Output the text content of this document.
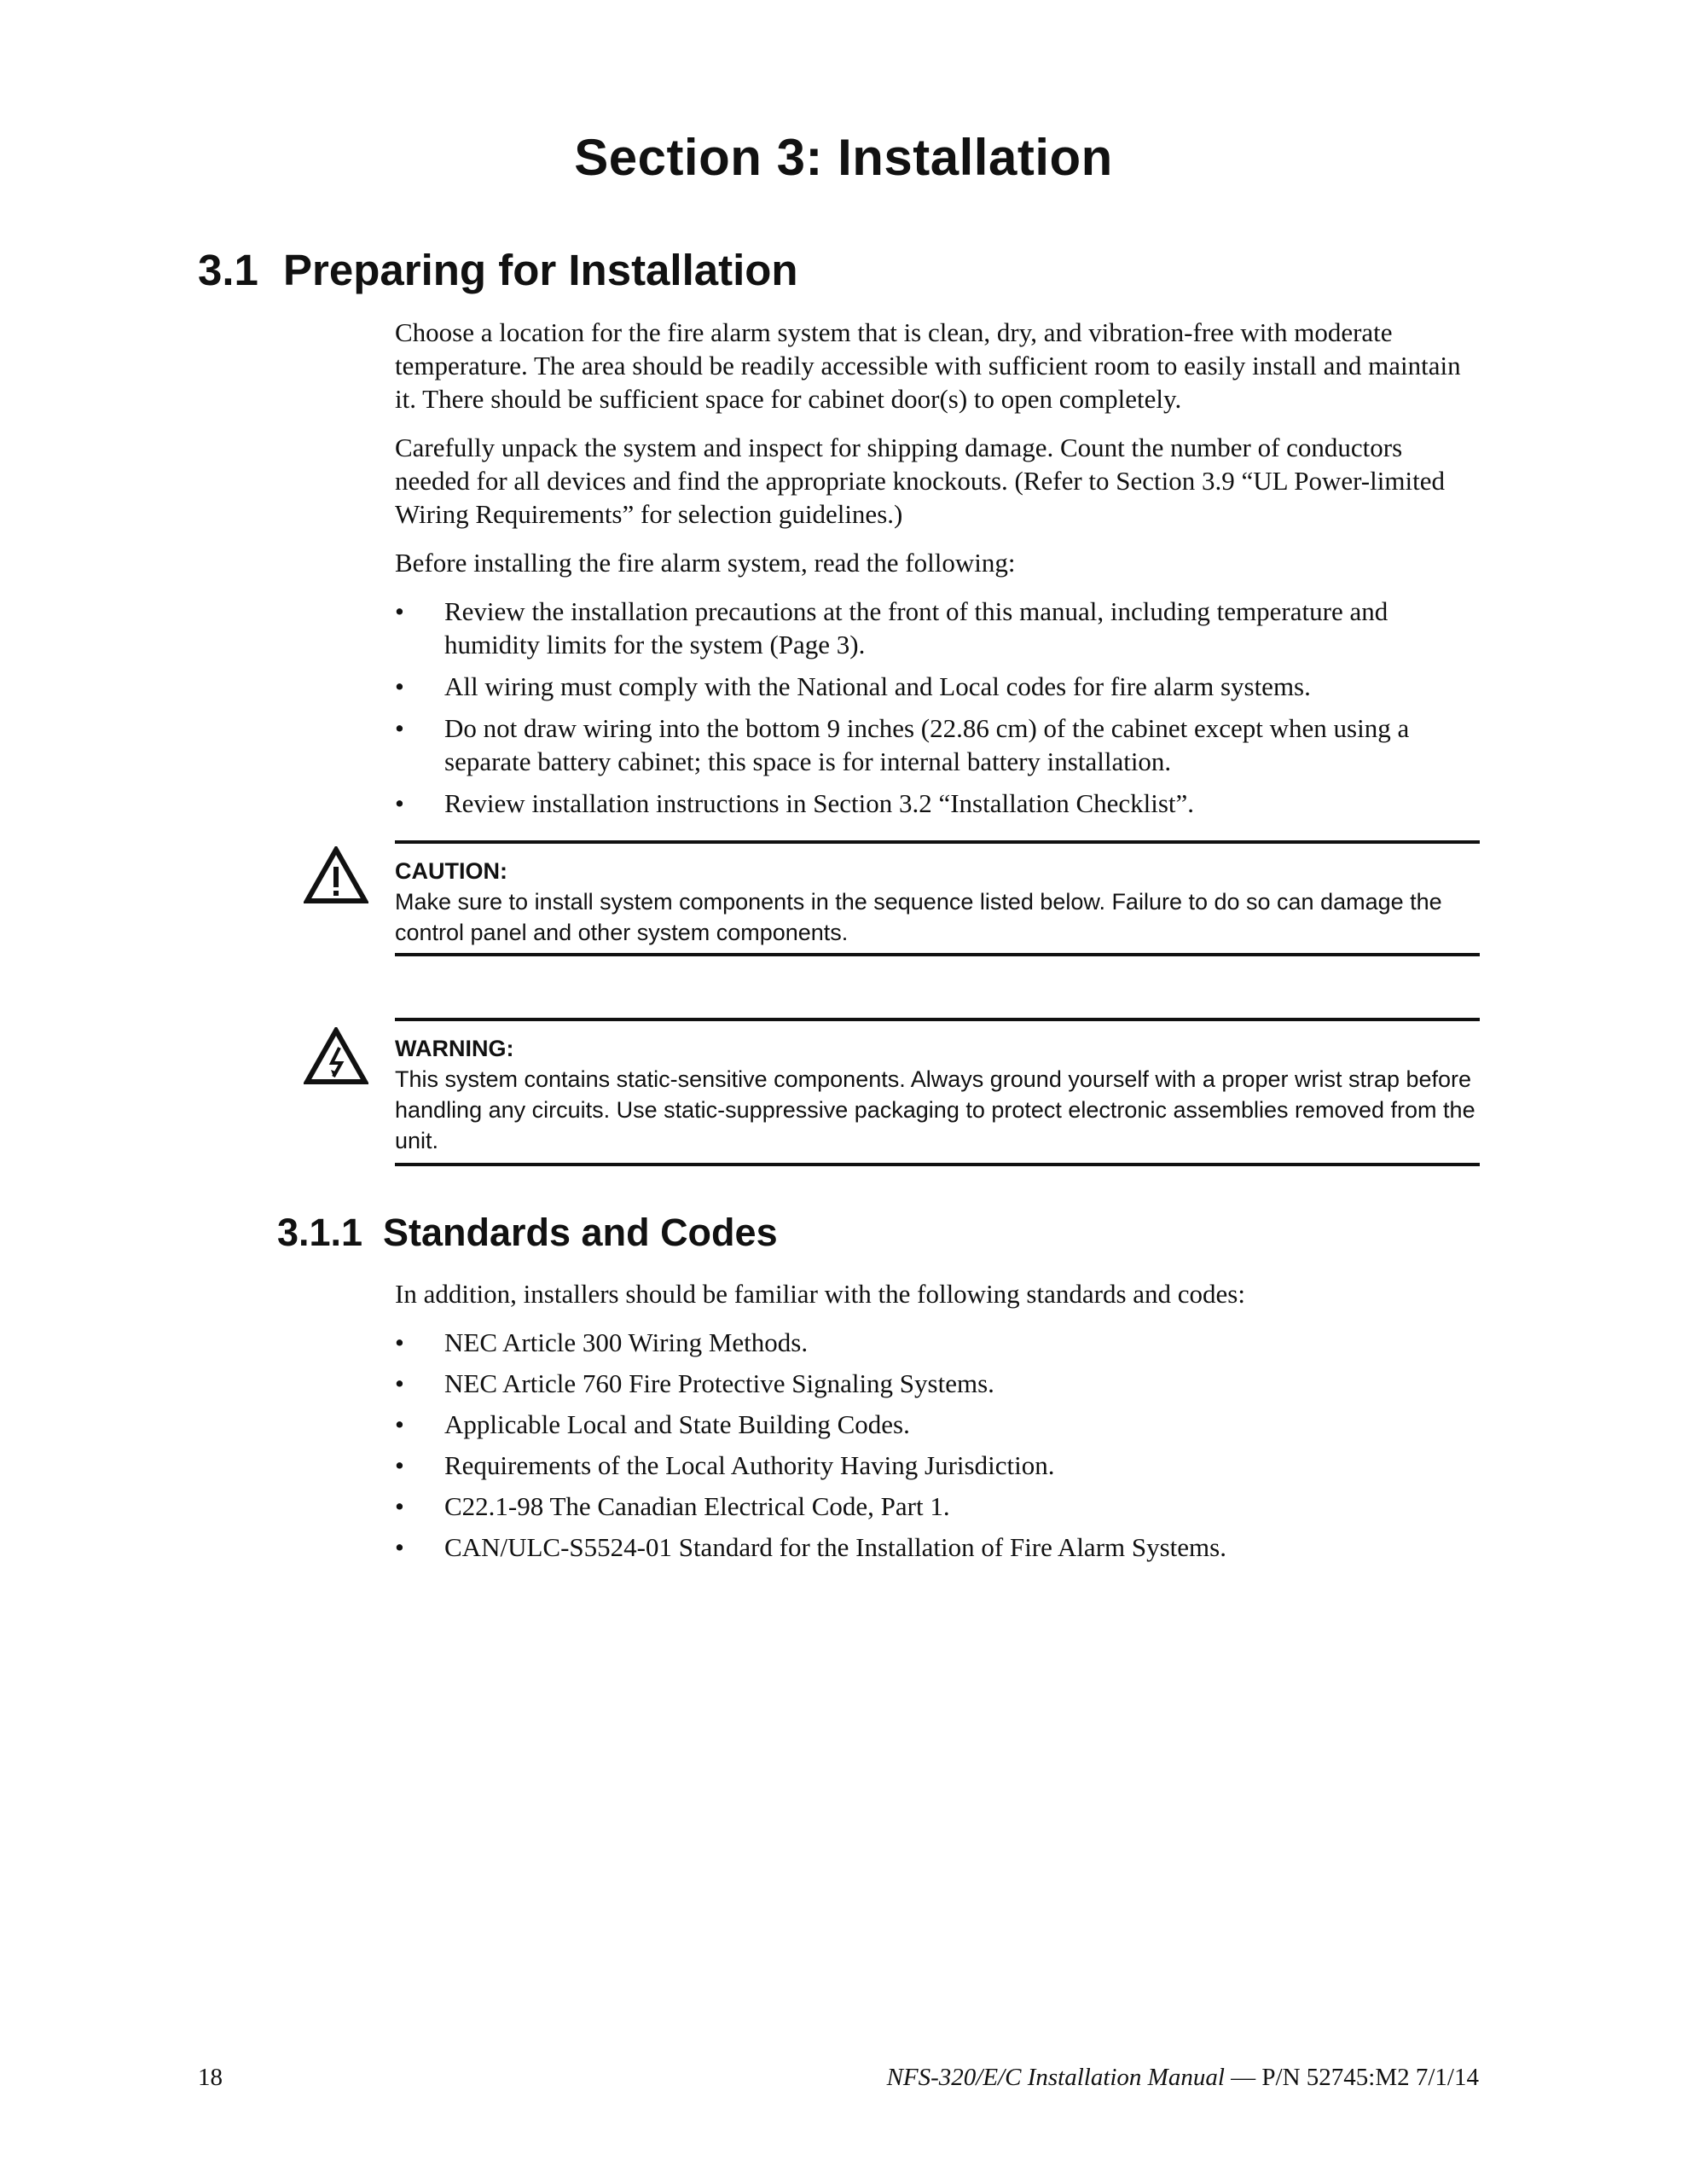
Section 3: Installation
3.1 Preparing for Installation

Choose a location for the fire alarm system that is clean, dry, and vibration-free with moderate temperature. The area should be readily accessible with sufficient room to easily install and maintain it. There should be sufficient space for cabinet door(s) to open completely.

Carefully unpack the system and inspect for shipping damage. Count the number of conductors needed for all devices and find the appropriate knockouts. (Refer to Section 3.9 “UL Power-limited Wiring Requirements” for selection guidelines.)

Before installing the fire alarm system, read the following:

• Review the installation precautions at the front of this manual, including temperature and humidity limits for the system (Page 3).
• All wiring must comply with the National and Local codes for fire alarm systems.
• Do not draw wiring into the bottom 9 inches (22.86 cm) of the cabinet except when using a separate battery cabinet; this space is for internal battery installation.
• Review installation instructions in Section 3.2 “Installation Checklist”.
CAUTION:
Make sure to install system components in the sequence listed below. Failure to do so can damage the control panel and other system components.
WARNING:
This system contains static-sensitive components. Always ground yourself with a proper wrist strap before handling any circuits. Use static-suppressive packaging to protect electronic assemblies removed from the unit.
3.1.1 Standards and Codes

In addition, installers should be familiar with the following standards and codes:

• NEC Article 300 Wiring Methods.
• NEC Article 760 Fire Protective Signaling Systems.
• Applicable Local and State Building Codes.
• Requirements of the Local Authority Having Jurisdiction.
• C22.1-98 The Canadian Electrical Code, Part 1.
• CAN/ULC-S5524-01 Standard for the Installation of Fire Alarm Systems.
18	NFS-320/E/C Installation Manual — P/N 52745:M2 7/1/14
